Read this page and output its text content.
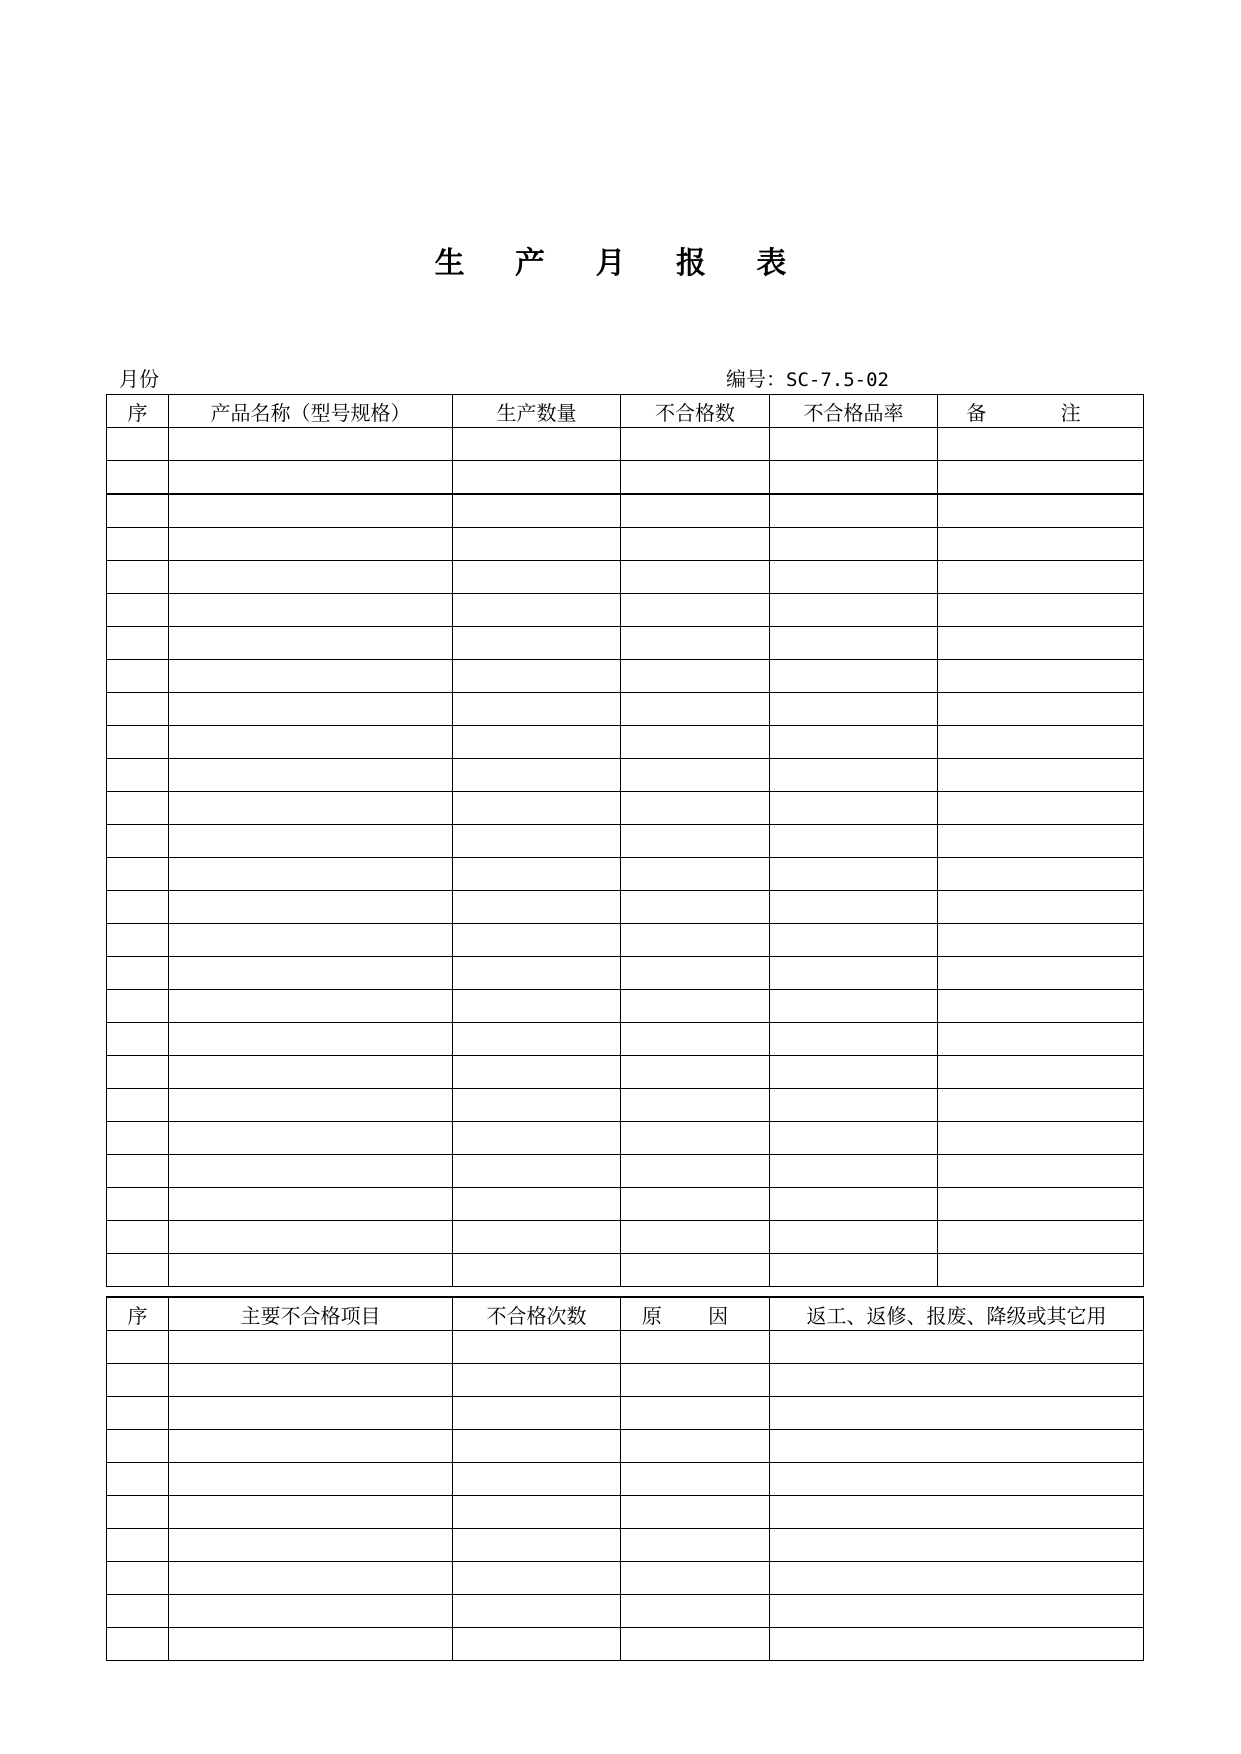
生 产 月 报 表
月份	编号：SC-7.5-02
序	产品名称（型号规格）	生产数量	不合格数	不合格品率	备 注

序	主要不合格项目	不合格次数	原 因	返工、返修、报废、降级或其它用
